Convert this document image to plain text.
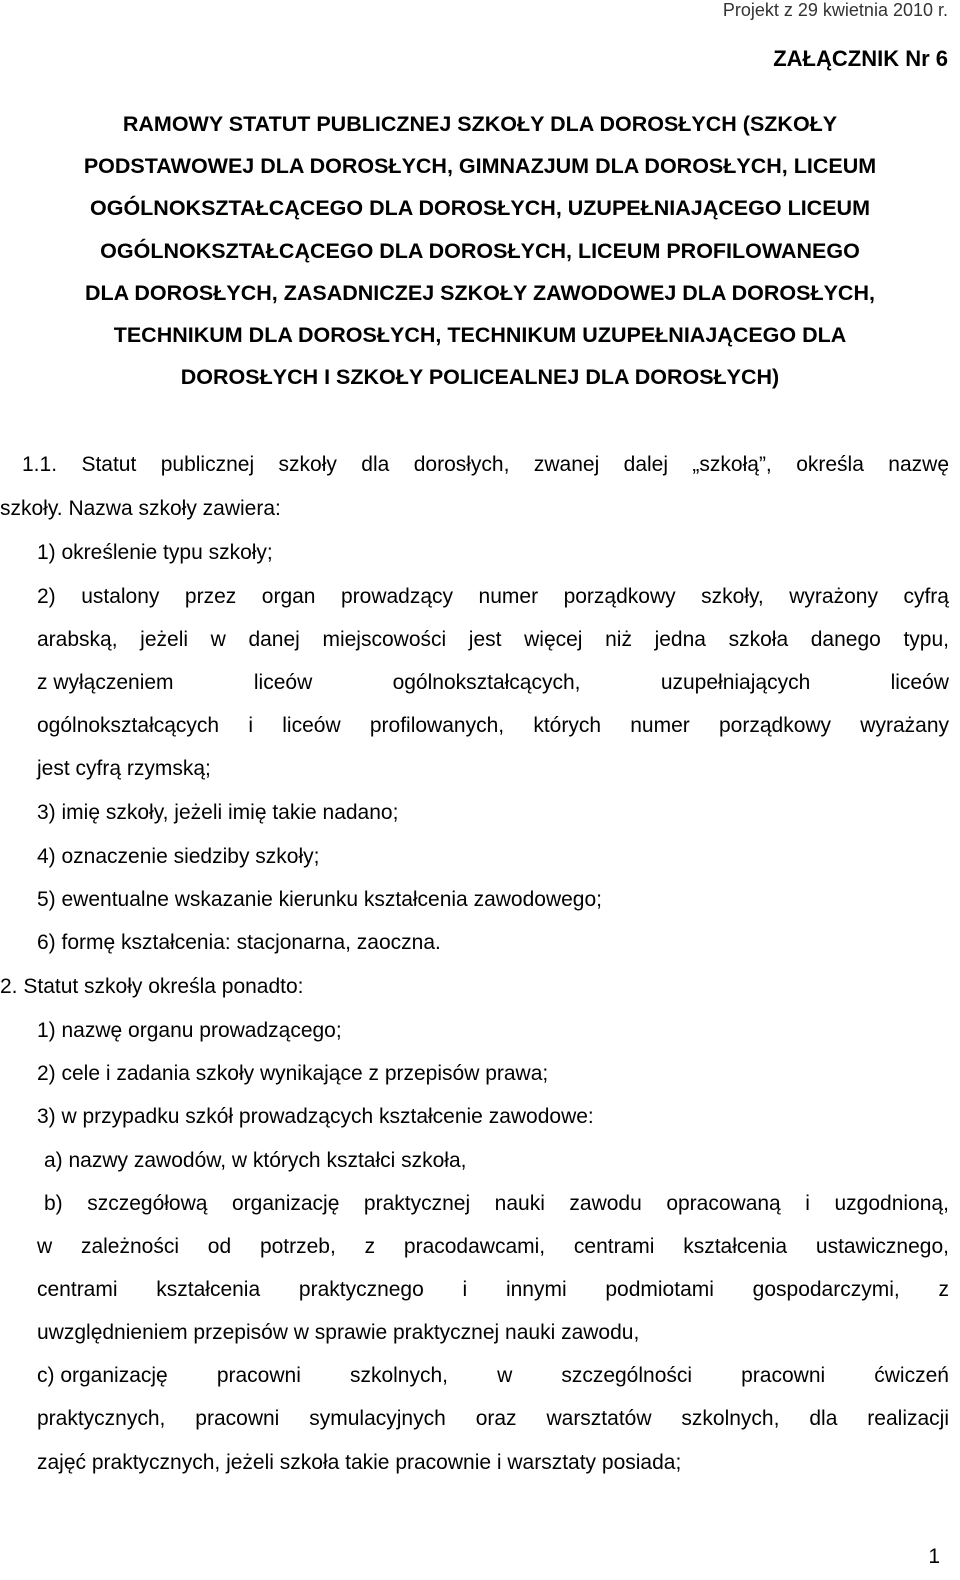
Projekt z 29 kwietnia 2010 r.
ZAŁĄCZNIK Nr 6
RAMOWY STATUT PUBLICZNEJ SZKOŁY DLA DOROSŁYCH (SZKOŁY
PODSTAWOWEJ DLA DOROSŁYCH, GIMNAZJUM DLA DOROSŁYCH, LICEUM
OGÓLNOKSZTAŁCĄCEGO DLA DOROSŁYCH, UZUPEŁNIAJĄCEGO LICEUM
OGÓLNOKSZTAŁCĄCEGO DLA DOROSŁYCH, LICEUM PROFILOWANEGO
DLA DOROSŁYCH, ZASADNICZEJ SZKOŁY ZAWODOWEJ DLA DOROSŁYCH,
TECHNIKUM DLA DOROSŁYCH, TECHNIKUM UZUPEŁNIAJĄCEGO DLA
DOROSŁYCH I SZKOŁY POLICEALNEJ DLA DOROSŁYCH)
1.1. Statut publicznej szkoły dla dorosłych, zwanej dalej „szkołą”, określa nazwę
szkoły. Nazwa szkoły zawiera:
1) określenie typu szkoły;
2) ustalony przez organ prowadzący numer porządkowy szkoły, wyrażony cyfrą
arabską, jeżeli w danej miejscowości jest więcej niż jedna szkoła danego typu,
z wyłączeniem	liceów	ogólnokształcących,	uzupełniających	liceów
ogólnokształcących i liceów profilowanych, których numer porządkowy wyrażany
jest cyfrą rzymską;
3) imię szkoły, jeżeli imię takie nadano;
4) oznaczenie siedziby szkoły;
5) ewentualne wskazanie kierunku kształcenia zawodowego;
6) formę kształcenia: stacjonarna, zaoczna.
2. Statut szkoły określa ponadto:
1) nazwę organu prowadzącego;
2) cele i zadania szkoły wynikające z przepisów prawa;
3) w przypadku szkół prowadzących kształcenie zawodowe:
a) nazwy zawodów, w których kształci szkoła,
b) szczegółową organizację praktycznej nauki zawodu opracowaną i uzgodnioną,
w zależności od potrzeb, z pracodawcami, centrami kształcenia ustawicznego,
centrami kształcenia praktycznego i innymi podmiotami gospodarczymi, z
uwzględnieniem przepisów w sprawie praktycznej nauki zawodu,
c) organizację pracowni szkolnych, w szczególności pracowni ćwiczeń
praktycznych, pracowni symulacyjnych oraz warsztatów szkolnych, dla realizacji
zajęć praktycznych, jeżeli szkoła takie pracownie i warsztaty posiada;
1
